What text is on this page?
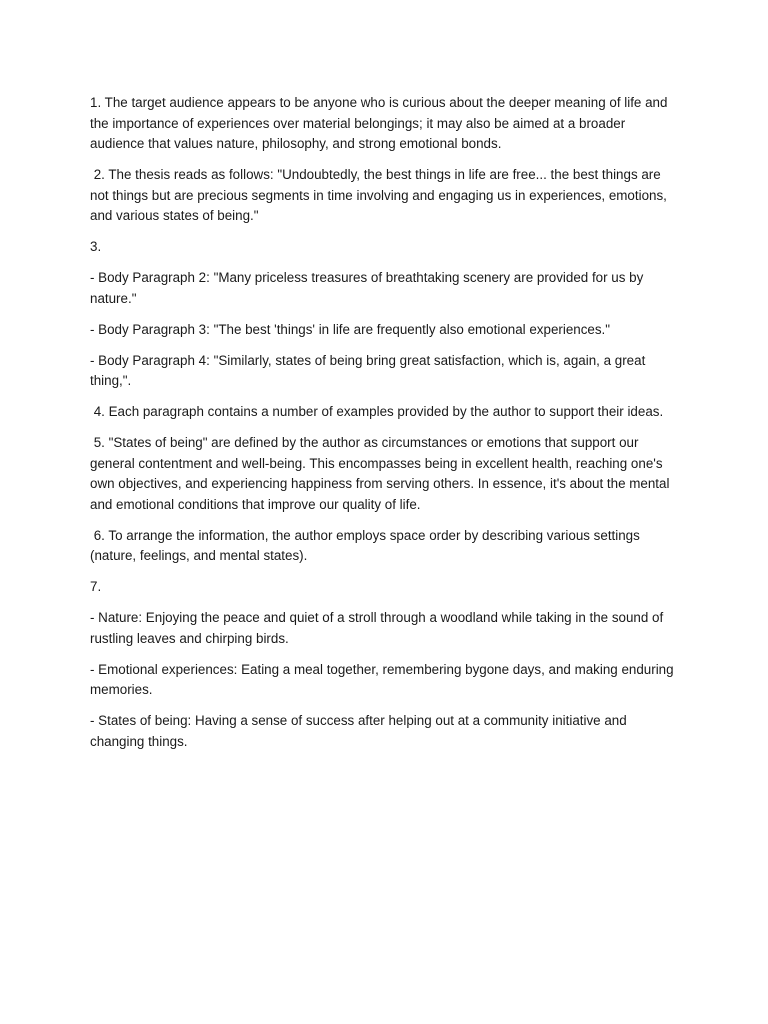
1. The target audience appears to be anyone who is curious about the deeper meaning of life and the importance of experiences over material belongings; it may also be aimed at a broader audience that values nature, philosophy, and strong emotional bonds.

2. The thesis reads as follows: "Undoubtedly, the best things in life are free... the best things are not things but are precious segments in time involving and engaging us in experiences, emotions, and various states of being."

3.

- Body Paragraph 2: "Many priceless treasures of breathtaking scenery are provided for us by nature."

- Body Paragraph 3: "The best 'things' in life are frequently also emotional experiences."

- Body Paragraph 4: "Similarly, states of being bring great satisfaction, which is, again, a great thing,".

4. Each paragraph contains a number of examples provided by the author to support their ideas.

5. "States of being" are defined by the author as circumstances or emotions that support our general contentment and well-being. This encompasses being in excellent health, reaching one's own objectives, and experiencing happiness from serving others. In essence, it's about the mental and emotional conditions that improve our quality of life.

6. To arrange the information, the author employs space order by describing various settings (nature, feelings, and mental states).

7.

- Nature: Enjoying the peace and quiet of a stroll through a woodland while taking in the sound of rustling leaves and chirping birds.

- Emotional experiences: Eating a meal together, remembering bygone days, and making enduring memories.

- States of being: Having a sense of success after helping out at a community initiative and changing things.
